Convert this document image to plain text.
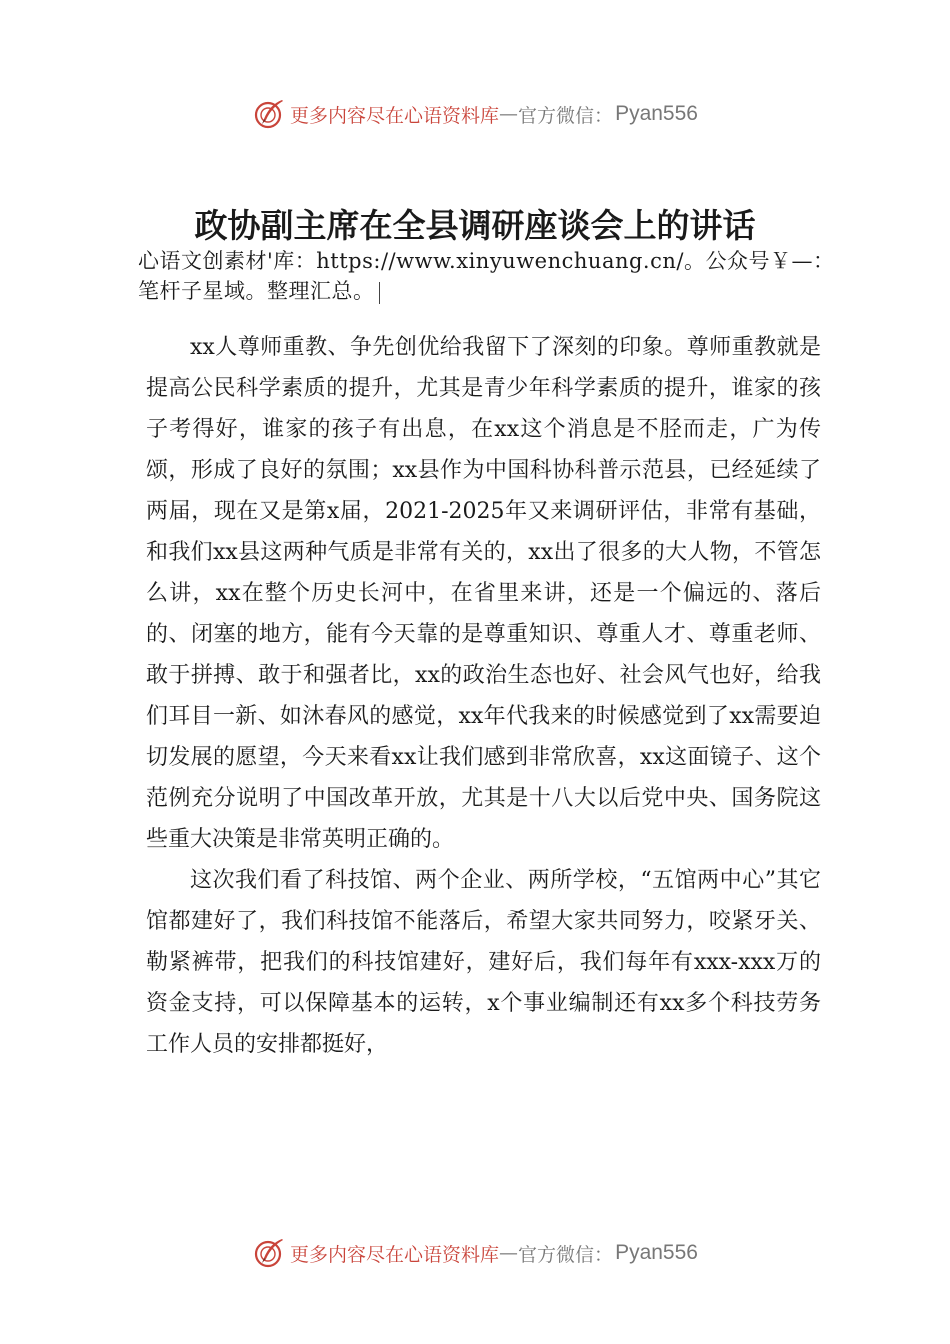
更多内容尽在心语资料库 — 官方微信： Pyan556
政协副主席在全县调研座谈会上的讲话
心语文创素材'库：https://www.xinyuwenchuang.cn/。公众号￥—：笔杆子星域。整理汇总。

xx人尊师重教、争先创优给我留下了深刻的印象。尊师重教就是提高公民科学素质的提升，尤其是青少年科学素质的提升，谁家的孩子考得好，谁家的孩子有出息，在xx这个消息是不胫而走，广为传颂，形成了良好的氛围；xx县作为中国科协科普示范县，已经延续了两届，现在又是第x届，2021-2025年又来调研评估，非常有基础，和我们xx县这两种气质是非常有关的，xx出了很多的大人物，不管怎么讲，xx在整个历史长河中，在省里来讲，还是一个偏远的、落后的、闭塞的地方，能有今天靠的是尊重知识、尊重人才、尊重老师、敢于拼搏、敢于和强者比，xx的政治生态也好、社会风气也好，给我们耳目一新、如沐春风的感觉，xx年代我来的时候感觉到了xx需要迫切发展的愿望，今天来看xx让我们感到非常欣喜，xx这面镜子、这个范例充分说明了中国改革开放，尤其是十八大以后党中央、国务院这些重大决策是非常英明正确的。

这次我们看了科技馆、两个企业、两所学校，“五馆两中心”其它馆都建好了，我们科技馆不能落后，希望大家共同努力，咬紧牙关、勒紧裤带，把我们的科技馆建好，建好后，我们每年有xxx-xxx万的资金支持，可以保障基本的运转，x个事业编制还有xx多个科技劳务工作人员的安排都挺好，

更多内容尽在心语资料库 — 官方微信： Pyan556
